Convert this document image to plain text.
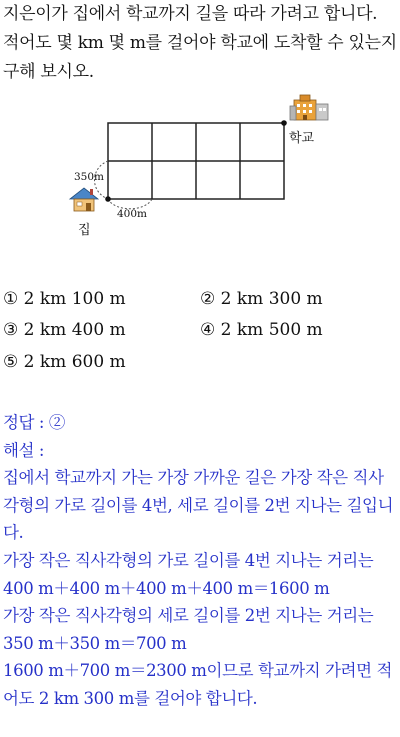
지은이가 집에서 학교까지 길을 따라 가려고 합니다. 적어도 몇 km 몇 m를 걸어야 학교에 도착할 수 있는지 구해 보시오.

350m
400m
학교
집
① 2 km 100 m	② 2 km 300 m
③ 2 km 400 m	④ 2 km 500 m
⑤ 2 km 600 m
정답 : ②
해설 :
집에서 학교까지 가는 가장 가까운 길은 가장 작은 직사각형의 가로 길이를 4번, 세로 길이를 2번 지나는 길입니다.
가장 작은 직사각형의 가로 길이를 4번 지나는 거리는
400 m＋400 m＋400 m＋400 m＝1600 m
가장 작은 직사각형의 세로 길이를 2번 지나는 거리는
350 m＋350 m＝700 m
1600 m＋700 m＝2300 m이므로 학교까지 가려면 적어도 2 km 300 m를 걸어야 합니다.
